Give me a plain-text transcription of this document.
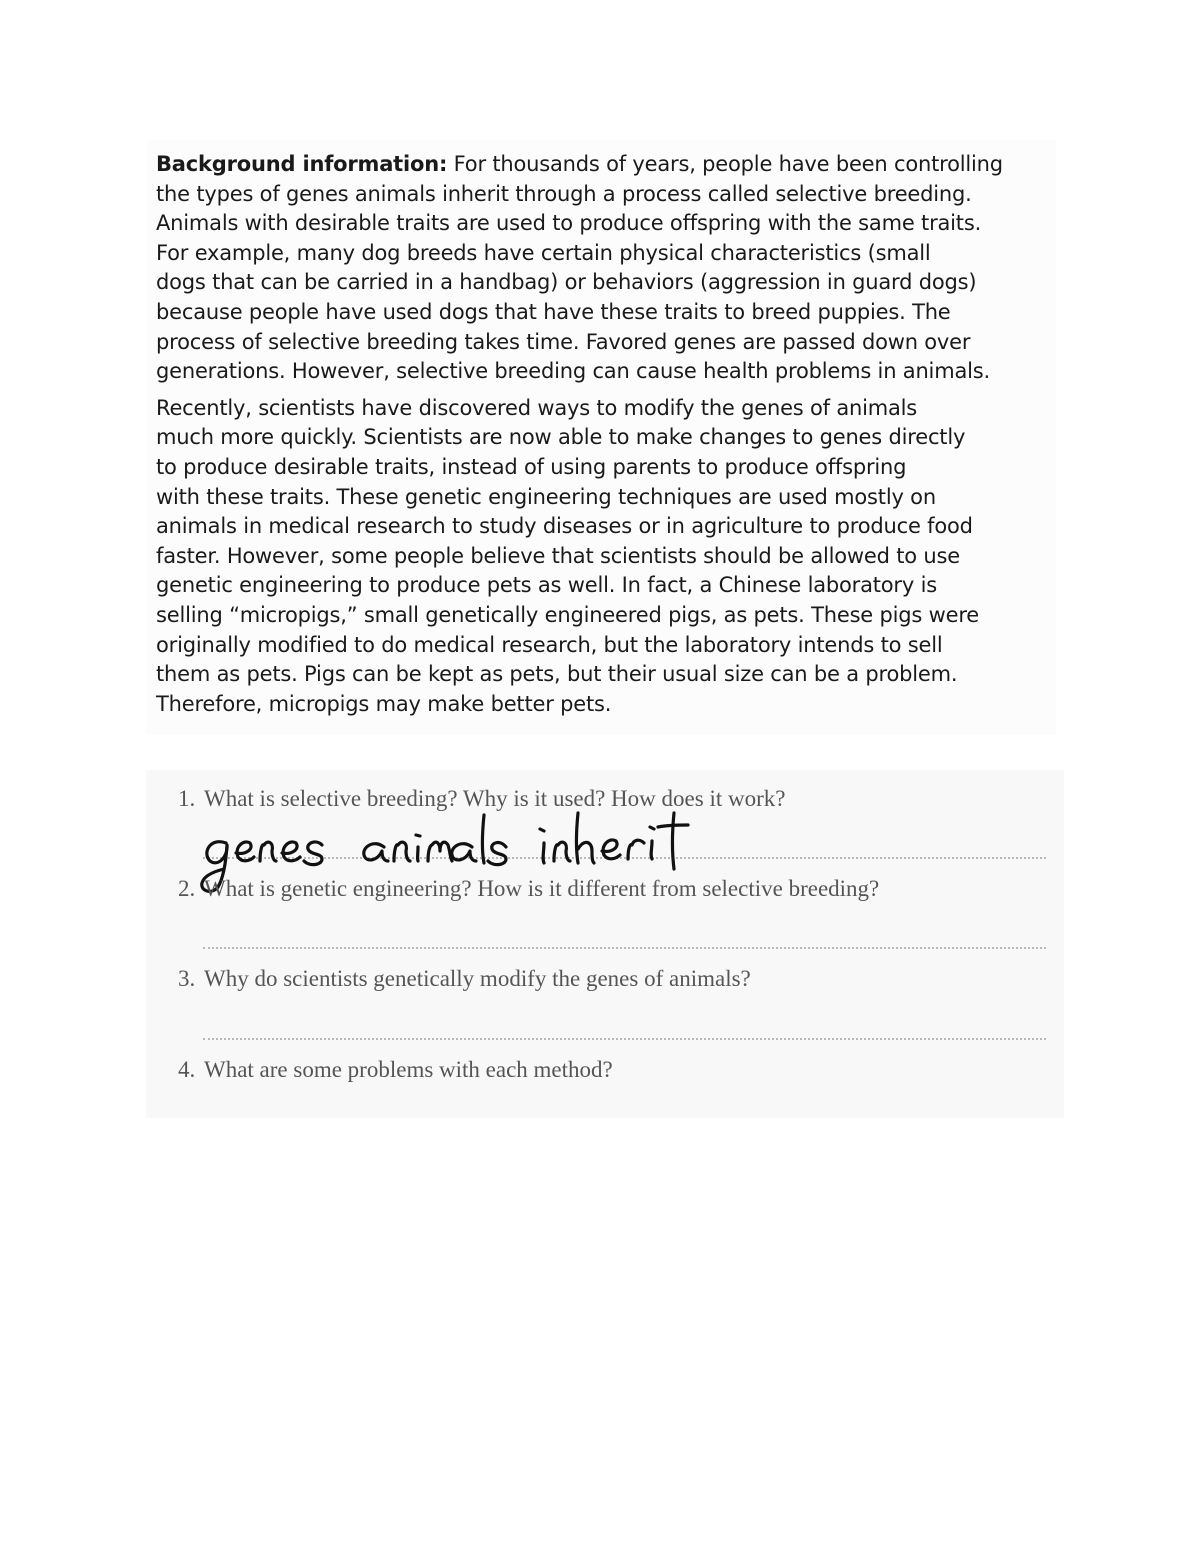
Background information: For thousands of years, people have been controlling
the types of genes animals inherit through a process called selective breeding.
Animals with desirable traits are used to produce offspring with the same traits.
For example, many dog breeds have certain physical characteristics (small
dogs that can be carried in a handbag) or behaviors (aggression in guard dogs)
because people have used dogs that have these traits to breed puppies. The
process of selective breeding takes time. Favored genes are passed down over
generations. However, selective breeding can cause health problems in animals.
Recently, scientists have discovered ways to modify the genes of animals
much more quickly. Scientists are now able to make changes to genes directly
to produce desirable traits, instead of using parents to produce offspring
with these traits. These genetic engineering techniques are used mostly on
animals in medical research to study diseases or in agriculture to produce food
faster. However, some people believe that scientists should be allowed to use
genetic engineering to produce pets as well. In fact, a Chinese laboratory is
selling “micropigs,” small genetically engineered pigs, as pets. These pigs were
originally modified to do medical research, but the laboratory intends to sell
them as pets. Pigs can be kept as pets, but their usual size can be a problem.
Therefore, micropigs may make better pets.
1. What is selective breeding? Why is it used? How does it work?
2. What is genetic engineering? How is it different from selective breeding?
3. Why do scientists genetically modify the genes of animals?
4. What are some problems with each method?
